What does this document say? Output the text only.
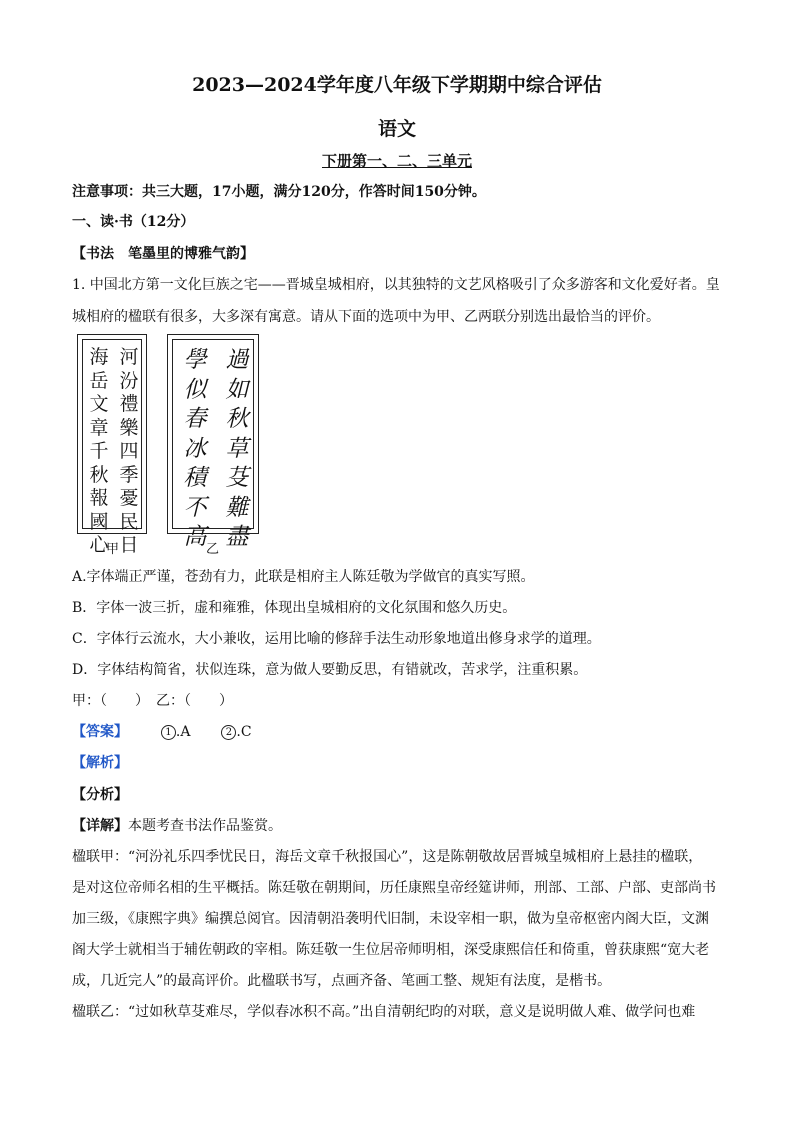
2023—2024学年度八年级下学期期中综合评估
语文
下册第一、二、三单元
注意事项：共三大题，17小题，满分120分，作答时间150分钟。
一、读·书（12分）
【书法　笔墨里的博雅气韵】
1. 中国北方第一文化巨族之宅——晋城皇城相府，以其独特的文艺风格吸引了众多游客和文化爱好者。皇
城相府的楹联有很多，大多深有寓意。请从下面的选项中为甲、乙两联分别选出最恰当的评价。
海
岳
文
章
千
秋
報
國
心
河
汾
禮
樂
四
季
憂
民
日
甲
學
似
春
冰
積
不
高
過
如
秋
草
芟
難
盡
乙
A.字体端正严谨，苍劲有力，此联是相府主人陈廷敬为学做官的真实写照。
B．字体一波三折，虚和雍雅，体现出皇城相府的文化氛围和悠久历史。
C．字体行云流水，大小兼收，运用比喻的修辞手法生动形象地道出修身求学的道理。
D．字体结构简省，状似连珠，意为做人要勤反思，有错就改，苦求学，注重积累。
甲：（　　）　乙：（　　）
【答案】	1 .A	2 .C
【解析】
【分析】
【详解】本题考查书法作品鉴赏。
楹联甲：“河汾礼乐四季忧民日，海岳文章千秋报国心”，这是陈朝敬故居晋城皇城相府上悬挂的楹联，
是对这位帝师名相的生平概括。陈廷敬在朝期间，历任康熙皇帝经筵讲师，刑部、工部、户部、吏部尚书
加三级，《康熙字典》编撰总阅官。因清朝沿袭明代旧制，未设宰相一职，做为皇帝枢密内阁大臣，文渊
阁大学士就相当于辅佐朝政的宰相。陈廷敬一生位居帝师明相，深受康熙信任和倚重，曾获康熙“宽大老
成，几近完人”的最高评价。此楹联书写，点画齐备、笔画工整、规矩有法度，是楷书。
楹联乙：“过如秋草芟难尽，学似春冰积不高。”出自清朝纪昀的对联，意义是说明做人难、做学问也难
